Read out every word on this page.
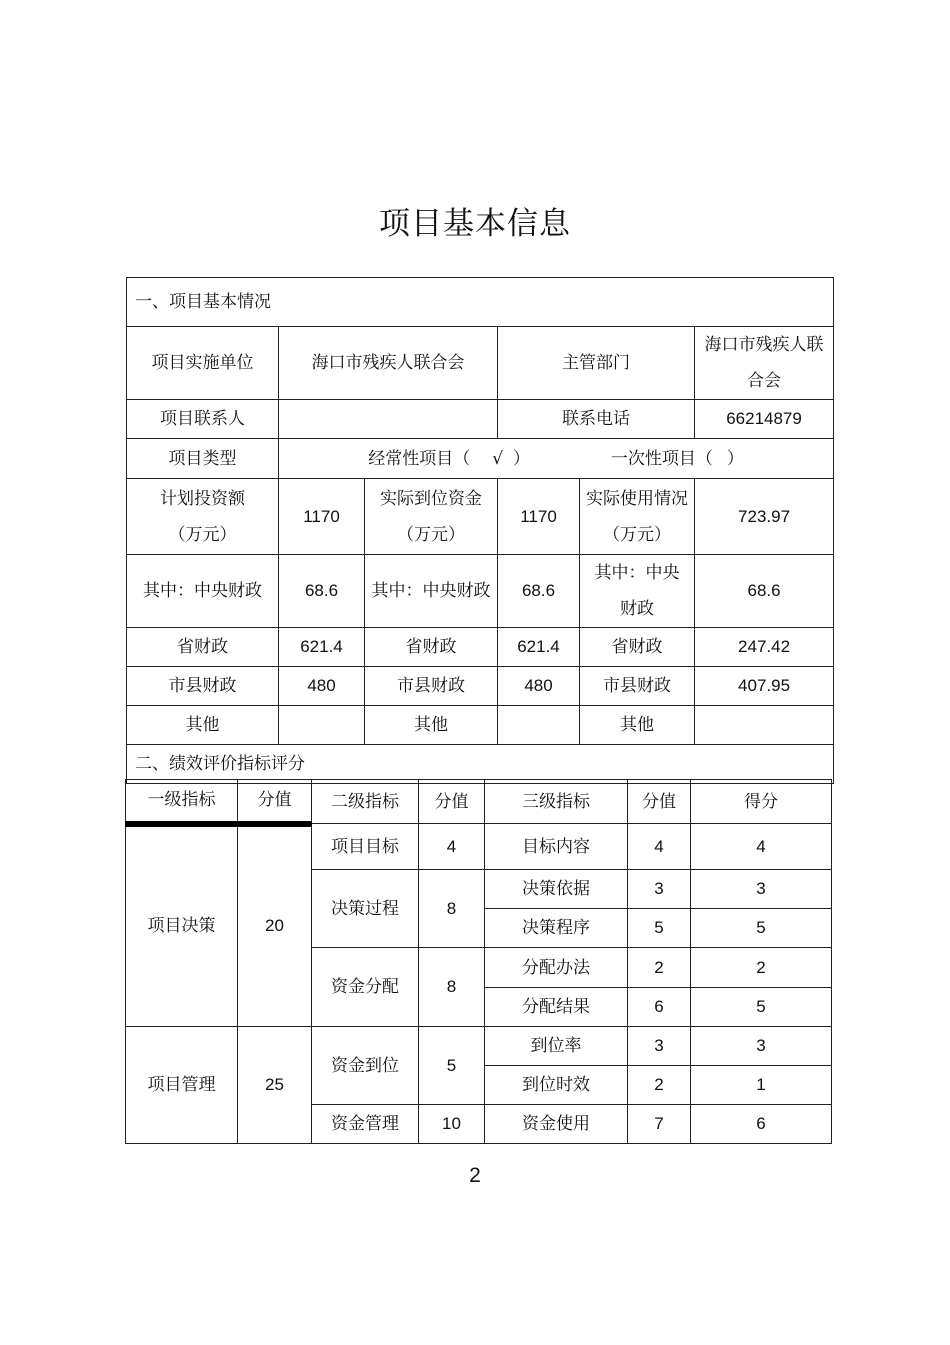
项目基本信息
一、项目基本情况					
项目实施单位	海口市残疾人联合会		主管部门		海口市残疾人联合会

项目联系人			联系电话		66214879
项目类型	经常性项目（ √ ） 一次性项目（ ）				

计划投资额（万元）	1170	实际到位资金（万元）	1170	实际使用情况（万元）	723.97
其中：中央财政	68.6	其中：中央财政	68.6	其中：中央财政	68.6
省财政	621.4	省财政	621.4	省财政	247.42
市县财政	480	市县财政	480	市县财政	407.95
其他		其他		其他	
二、绩效评价指标评分					
一级指标	分值	二级指标	分值	三级指标	分值	得分
项目决策	20	项目目标	4	目标内容	4	4
		决策过程	8	决策依据	3	3
				决策程序	5	5
		资金分配	8	分配办法	2	2
				分配结果	6	5
项目管理	25	资金到位	5	到位率	3	3
				到位时效	2	1
		资金管理	10	资金使用	7	6
2
